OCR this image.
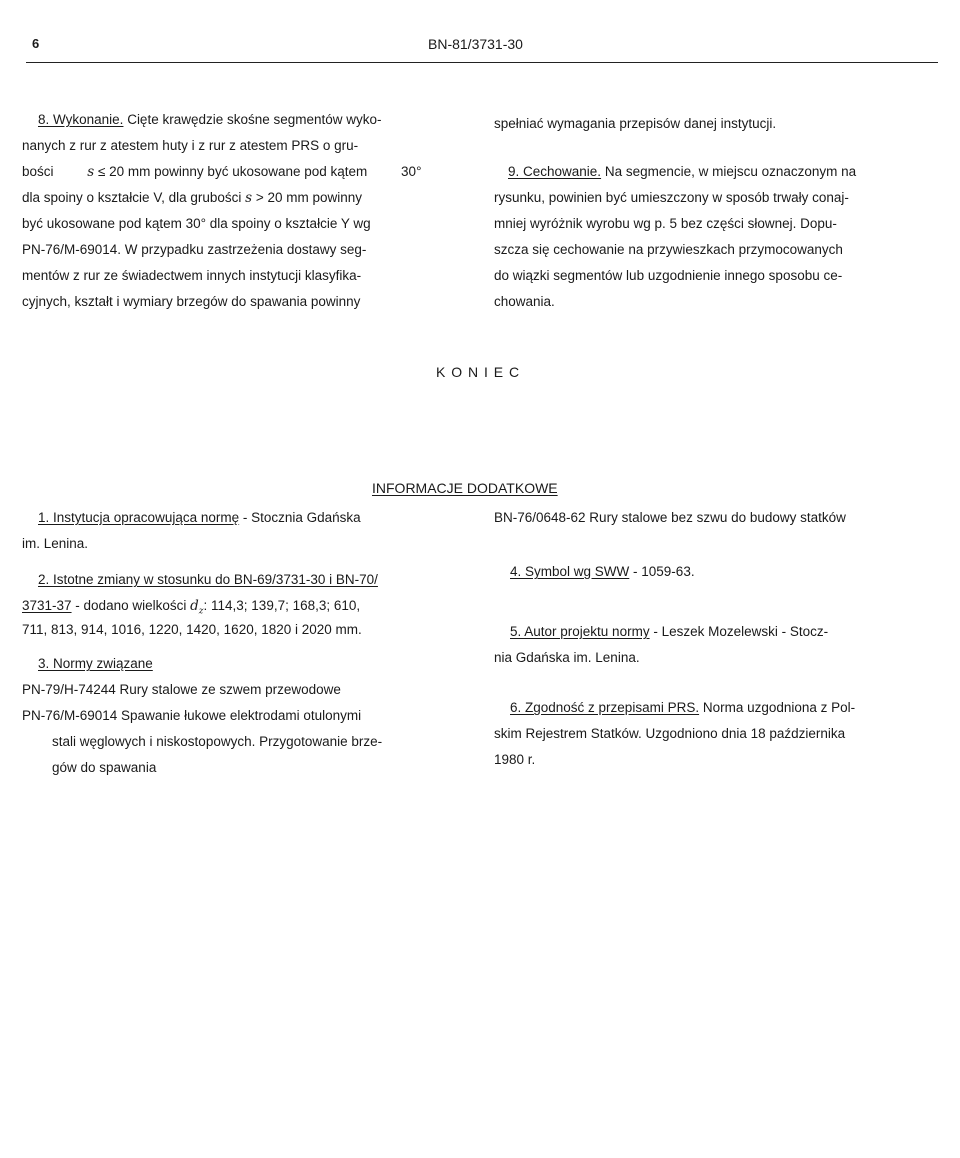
6	BN-81/3731-30
8. Wykonanie. Cięte krawędzie skośne segmentów wyko-
nanych z rur z atestem huty i z rur z atestem PRS o gru-
bości	s ≤ 20 mm powinny być ukosowane pod kątem	30°
dla spoiny o kształcie V, dla grubości s > 20 mm powinny
być ukosowane pod kątem 30° dla spoiny o kształcie Y wg
PN-76/M-69014. W przypadku zastrzeżenia dostawy seg-
mentów z rur ze świadectwem innych instytucji klasyfika-
cyjnych, kształt i wymiary brzegów do spawania powinny
spełniać wymagania przepisów danej instytucji.
9. Cechowanie. Na segmencie, w miejscu oznaczonym na
rysunku, powinien być umieszczony w sposób trwały conaj-
mniej wyróżnik wyrobu wg p. 5 bez części słownej. Dopu-
szcza się cechowanie na przywieszkach przymocowanych
do wiązki segmentów lub uzgodnienie innego sposobu ce-
chowania.
K O N I E C
INFORMACJE DODATKOWE
1. Instytucja opracowująca normę - Stocznia Gdańska
im. Lenina.
2. Istotne zmiany w stosunku do BN-69/3731-30 i BN-70/
3731-37 - dodano wielkości $d_z$: 114,3; 139,7; 168,3; 610,
711, 813, 914, 1016, 1220, 1420, 1620, 1820 i 2020 mm.
3. Normy związane
PN-79/H-74244 Rury stalowe ze szwem przewodowe
PN-76/M-69014 Spawanie łukowe elektrodami otulonymi
stali węglowych i niskostopowych. Przygotowanie brze-
gów do spawania
BN-76/0648-62 Rury stalowe bez szwu do budowy statków
4. Symbol wg SWW - 1059-63.
5. Autor projektu normy - Leszek Mozelewski - Stocz-
nia Gdańska im. Lenina.
6. Zgodność z przepisami PRS. Norma uzgodniona z Pol-
skim Rejestrem Statków. Uzgodniono dnia 18 października
1980 r.
